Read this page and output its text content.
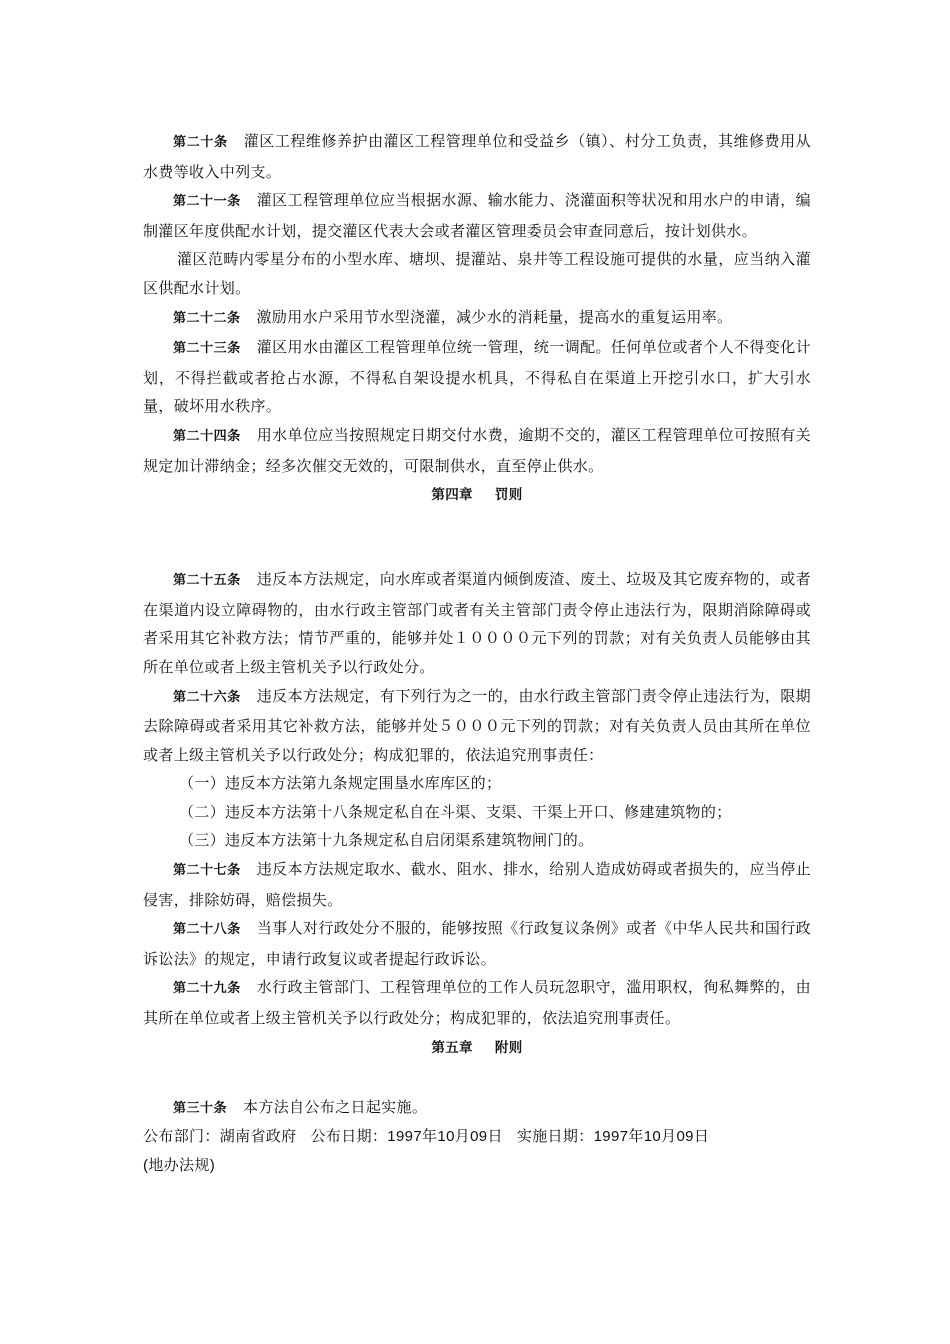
第二十条 灌区工程维修养护由灌区工程管理单位和受益乡（镇）、村分工负责，其维修费用从水费等收入中列支。

第二十一条 灌区工程管理单位应当根据水源、输水能力、浇灌面积等状况和用水户的申请，编制灌区年度供配水计划，提交灌区代表大会或者灌区管理委员会审查同意后，按计划供水。

灌区范畴内零星分布的小型水库、塘坝、提灌站、泉井等工程设施可提供的水量，应当纳入灌区供配水计划。

第二十二条 激励用水户采用节水型浇灌，减少水的消耗量，提高水的重复运用率。

第二十三条 灌区用水由灌区工程管理单位统一管理，统一调配。任何单位或者个人不得变化计划，不得拦截或者抢占水源，不得私自架设提水机具，不得私自在渠道上开挖引水口，扩大引水量，破坏用水秩序。

第二十四条 用水单位应当按照规定日期交付水费，逾期不交的，灌区工程管理单位可按照有关规定加计滞纳金；经多次催交无效的，可限制供水，直至停止供水。

第四章 罚则

第二十五条 违反本方法规定，向水库或者渠道内倾倒废渣、废土、垃圾及其它废弃物的，或者在渠道内设立障碍物的，由水行政主管部门或者有关主管部门责令停止违法行为，限期消除障碍或者采用其它补救方法；情节严重的，能够并处１００００元下列的罚款；对有关负责人员能够由其所在单位或者上级主管机关予以行政处分。

第二十六条 违反本方法规定，有下列行为之一的，由水行政主管部门责令停止违法行为，限期去除障碍或者采用其它补救方法，能够并处５０００元下列的罚款；对有关负责人员由其所在单位或者上级主管机关予以行政处分；构成犯罪的，依法追究刑事责任：

（一）违反本方法第九条规定围垦水库库区的；

（二）违反本方法第十八条规定私自在斗渠、支渠、干渠上开口、修建建筑物的；

（三）违反本方法第十九条规定私自启闭渠系建筑物闸门的。

第二十七条 违反本方法规定取水、截水、阻水、排水，给别人造成妨碍或者损失的，应当停止侵害，排除妨碍，赔偿损失。

第二十八条 当事人对行政处分不服的，能够按照《行政复议条例》或者《中华人民共和国行政诉讼法》的规定，申请行政复议或者提起行政诉讼。

第二十九条 水行政主管部门、工程管理单位的工作人员玩忽职守，滥用职权，徇私舞弊的，由其所在单位或者上级主管机关予以行政处分；构成犯罪的，依法追究刑事责任。

第五章 附则

第三十条 本方法自公布之日起实施。

公布部门：湖南省政府 公布日期：1997年10月09日 实施日期：1997年10月09日

(地办法规)
